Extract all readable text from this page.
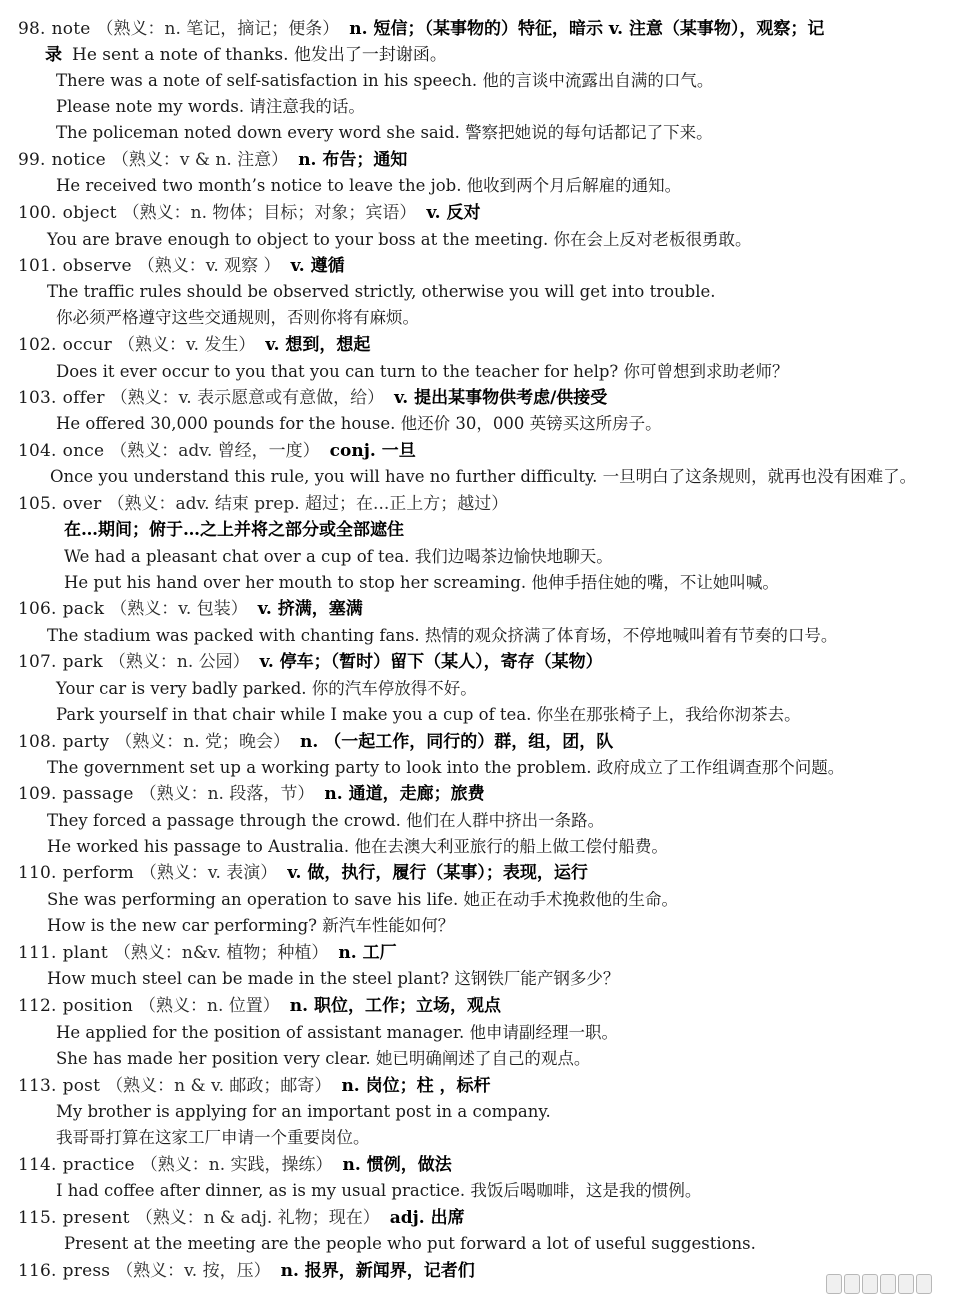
98. note （熟义：n. 笔记，摘记；便条） n. 短信；（某事物的）特征，暗示 v. 注意（某事物），观察；记
录 He sent a note of thanks. 他发出了一封谢函。
There was a note of self-satisfaction in his speech. 他的言谈中流露出自满的口气。
Please note my words. 请注意我的话。
The policeman noted down every word she said. 警察把她说的每句话都记了下来。
99. notice （熟义：v & n. 注意） n. 布告；通知
He received two month’s notice to leave the job. 他收到两个月后解雇的通知。
100. object （熟义：n. 物体；目标；对象；宾语） v. 反对
You are brave enough to object to your boss at the meeting. 你在会上反对老板很勇敢。
101. observe （熟义：v. 观察 ） v. 遵循
The traffic rules should be observed strictly, otherwise you will get into trouble.
你必须严格遵守这些交通规则，否则你将有麻烦。
102. occur （熟义：v. 发生） v. 想到，想起
Does it ever occur to you that you can turn to the teacher for help? 你可曾想到求助老师？
103. offer （熟义：v. 表示愿意或有意做，给） v. 提出某事物供考虑/供接受
He offered 30,000 pounds for the house. 他还价 30，000 英镑买这所房子。
104. once （熟义：adv. 曾经，一度） conj. 一旦
Once you understand this rule, you will have no further difficulty. 一旦明白了这条规则，就再也没有困难了。
105. over （熟义：adv. 结束 prep. 超过；在...正上方；越过）
在…期间；俯于…之上并将之部分或全部遮住
We had a pleasant chat over a cup of tea. 我们边喝茶边愉快地聊天。
He put his hand over her mouth to stop her screaming. 他伸手捂住她的嘴，不让她叫喊。
106. pack （熟义：v. 包装） v. 挤满，塞满
The stadium was packed with chanting fans. 热情的观众挤满了体育场，不停地喊叫着有节奏的口号。
107. park （熟义：n. 公园） v. 停车；（暂时）留下（某人），寄存（某物）
Your car is very badly parked. 你的汽车停放得不好。
Park yourself in that chair while I make you a cup of tea. 你坐在那张椅子上，我给你沏茶去。
108. party （熟义：n. 党；晚会） n. （一起工作，同行的）群，组，团，队
The government set up a working party to look into the problem. 政府成立了工作组调查那个问题。
109. passage （熟义：n. 段落，节） n. 通道，走廊；旅费
They forced a passage through the crowd. 他们在人群中挤出一条路。
He worked his passage to Australia. 他在去澳大利亚旅行的船上做工偿付船费。
110. perform （熟义：v. 表演） v. 做，执行，履行（某事）；表现，运行
She was performing an operation to save his life. 她正在动手术挽救他的生命。
How is the new car performing? 新汽车性能如何？
111. plant （熟义：n&v. 植物；种植） n. 工厂
How much steel can be made in the steel plant? 这钢铁厂能产钢多少？
112. position （熟义：n. 位置） n. 职位，工作；立场，观点
He applied for the position of assistant manager. 他申请副经理一职。
She has made her position very clear. 她已明确阐述了自己的观点。
113. post （熟义：n & v. 邮政；邮寄） n. 岗位；柱 ，标杆
My brother is applying for an important post in a company.
我哥哥打算在这家工厂申请一个重要岗位。
114. practice （熟义：n. 实践，操练） n. 惯例，做法
I had coffee after dinner, as is my usual practice. 我饭后喝咖啡，这是我的惯例。
115. present （熟义：n & adj. 礼物；现在） adj. 出席
Present at the meeting are the people who put forward a lot of useful suggestions.
116. press （熟义：v. 按，压） n. 报界，新闻界，记者们
